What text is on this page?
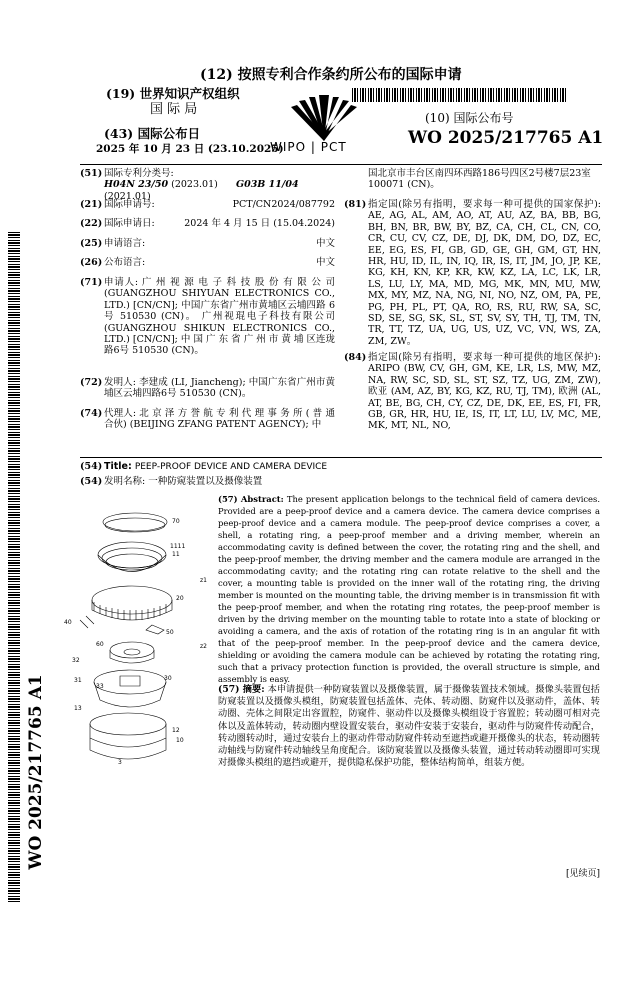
(12) 按照专利合作条约所公布的国际申请
(19) 世界知识产权组织
国 际 局
(43) 国际公布日
2025 年 10 月 23 日 (23.10.2025)
WIPO | PCT
(10) 国际公布号
WO 2025/217765 A1
WO 2025/217765 A1
(51) 国际专利分类号:
H04N 23/50 (2023.01) G03B 11/04 (2021.01)
(21) 国际申请号:	PCT/CN2024/087792
(22) 国际申请日:	2024 年 4 月 15 日 (15.04.2024)
(25) 申请语言:	中文
(26) 公布语言:	中文
(71) 申请人: 广 州 视 源 电 子 科 技 股 份 有 限 公 司 (GUANGZHOU SHIYUAN ELECTRONICS CO., LTD.) [CN/CN]; 中国广东省广州市黄埔区云埔四路 6 号 510530 (CN)。 广州视琨电子科技有限公司(GUANGZHOU SHIKUN ELECTRONICS CO., LTD.) [CN/CN]; 中 国 广 东 省 广 州 市 黄 埔 区连珑路6号 510530 (CN)。
(72) 发明人: 李建成 (LI, Jiancheng); 中国广东省广州市黄埔区云埔四路6号 510530 (CN)。
(74) 代理人: 北 京 泽 方 誉 航 专 利 代 理 事 务 所 ( 普 通合伙) (BEIJING ZFANG PATENT AGENCY); 中
国北京市丰台区南四环西路186号四区2号楼7层23室 100071 (CN)。
(81) 指定国(除另有指明，要求每一种可提供的国家保护): AE, AG, AL, AM, AO, AT, AU, AZ, BA, BB, BG, BH, BN, BR, BW, BY, BZ, CA, CH, CL, CN, CO, CR, CU, CV, CZ, DE, DJ, DK, DM, DO, DZ, EC, EE, EG, ES, FI, GB, GD, GE, GH, GM, GT, HN, HR, HU, ID, IL, IN, IQ, IR, IS, IT, JM, JO, JP, KE, KG, KH, KN, KP, KR, KW, KZ, LA, LC, LK, LR, LS, LU, LY, MA, MD, MG, MK, MN, MU, MW, MX, MY, MZ, NA, NG, NI, NO, NZ, OM, PA, PE, PG, PH, PL, PT, QA, RO, RS, RU, RW, SA, SC, SD, SE, SG, SK, SL, ST, SV, SY, TH, TJ, TM, TN, TR, TT, TZ, UA, UG, US, UZ, VC, VN, WS, ZA, ZM, ZW。
(84) 指定国(除另有指明，要求每一种可提供的地区保护): ARIPO (BW, CV, GH, GM, KE, LR, LS, MW, MZ, NA, RW, SC, SD, SL, ST, SZ, TZ, UG, ZM, ZW), 欧亚 (AM, AZ, BY, KG, KZ, RU, TJ, TM), 欧洲 (AL, AT, BE, BG, CH, CY, CZ, DE, DK, EE, ES, FI, FR, GB, GR, HR, HU, IE, IS, IT, LT, LU, LV, MC, ME, MK, MT, NL, NO,
(54) Title: PEEP-PROOF DEVICE AND CAMERA DEVICE
(54) 发明名称: 一种防窥装置以及摄像装置
70
1111
11
z1
20
40
50
60
30
32
31
33
13
12
10
z2
3
(57) Abstract: The present application belongs to the technical field of camera devices. Provided are a peep-proof device and a camera device. The camera device comprises a peep-proof device and a camera module. The peep-proof device comprises a cover, a shell, a rotating ring, a peep-proof member and a driving member, wherein an accommodating cavity is defined between the cover, the rotating ring and the shell, and the peep-proof member, the driving member and the camera module are arranged in the accommodating cavity; and the rotating ring can rotate relative to the shell and the cover, a mounting table is provided on the inner wall of the rotating ring, the driving member is mounted on the mounting table, the driving member is in transmission fit with the peep-proof member, and when the rotating ring rotates, the peep-proof member is driven by the driving member on the mounting table to rotate into a state of blocking or avoiding a camera, and the axis of rotation of the rotating ring is in an angular fit with that of the peep-proof member. In the peep-proof device and the camera device, shielding or avoiding the camera module can be achieved by rotating the rotating ring, such that a privacy protection function is provided, the overall structure is simple, and assembly is easy.
(57) 摘要: 本申请提供一种防窥装置以及摄像装置，属于摄像装置技术领域。摄像头装置包括防窥装置以及摄像头模组，防窥装置包括盖体、壳体、转动圈、防窥件以及驱动件，盖体、转动圈、壳体之间限定出容置腔，防窥件、驱动件以及摄像头模组设于容置腔；转动圈可相对壳体以及盖体转动，转动圈内壁设置安装台，驱动件安装于安装台，驱动件与防窥件传动配合，转动圈转动时，通过安装台上的驱动件带动防窥件转动至遮挡或避开摄像头的状态，转动圈转动轴线与防窥件转动轴线呈角度配合。该防窥装置以及摄像头装置，通过转动转动圈即可实现对摄像头模组的遮挡或避开，提供隐私保护功能，整体结构简单，组装方便。
[见续页]
